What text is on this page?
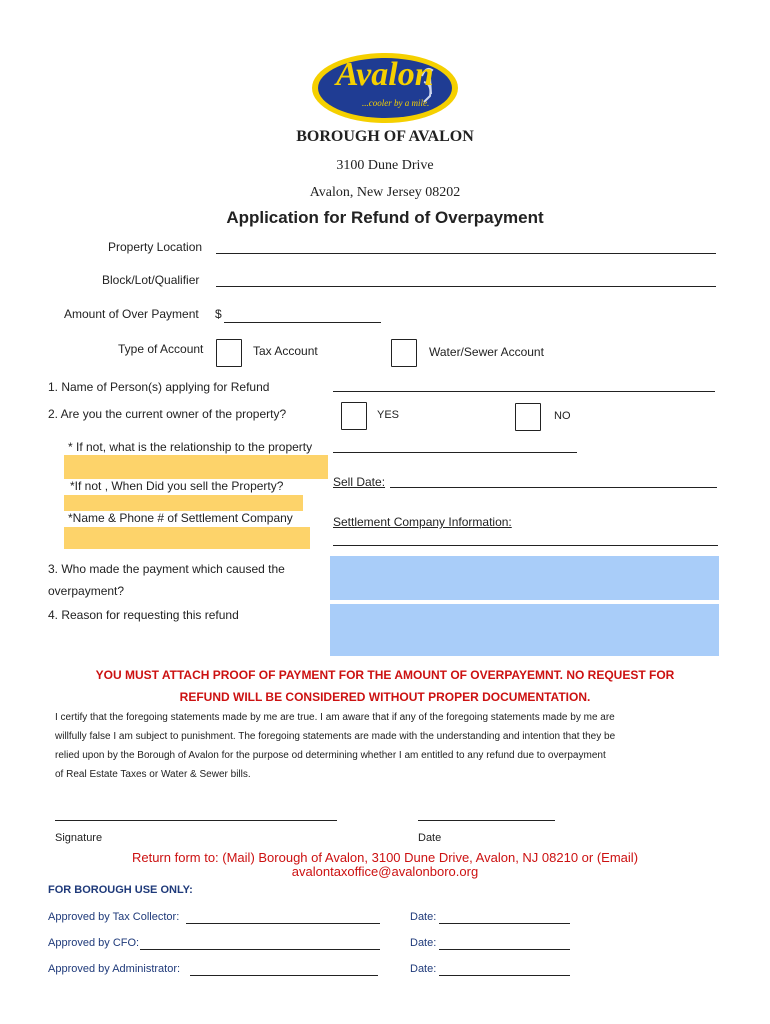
Avalon
...cooler by a mile.
BOROUGH OF AVALON
3100 Dune Drive
Avalon, New Jersey 08202
Application for Refund of Overpayment
Property Location
Block/Lot/Qualifier
Amount of Over Payment $
Type of Account	Tax Account	Water/Sewer Account
1. Name of Person(s) applying for Refund
2. Are you the current owner of the property?	YES	NO
* If not, what is the relationship to the property
*If not , When Did you sell the Property?	Sell Date:
*Name & Phone # of Settlement Company	Settlement Company Information:
3. Who made the payment which caused the
overpayment?
4. Reason for requesting this refund
YOU MUST ATTACH PROOF OF PAYMENT FOR THE AMOUNT OF OVERPAYEMNT. NO REQUEST FOR
REFUND WILL BE CONSIDERED WITHOUT PROPER DOCUMENTATION.
I certify that the foregoing statements made by me are true. I am aware that if any of the foregoing statements made by me are
willfully false I am subject to punishment. The foregoing statements are made with the understanding and intention that they be
relied upon by the Borough of Avalon for the purpose od determining whether I am entitled to any refund due to overpayment
of Real Estate Taxes or Water & Sewer bills.
Signature	Date
Return form to: (Mail) Borough of Avalon, 3100 Dune Drive, Avalon, NJ 08210 or (Email)
avalontaxoffice@avalonboro.org
FOR BOROUGH USE ONLY:
Approved by Tax Collector:	Date:
Approved by CFO:	Date:
Approved by Administrator:	Date:
